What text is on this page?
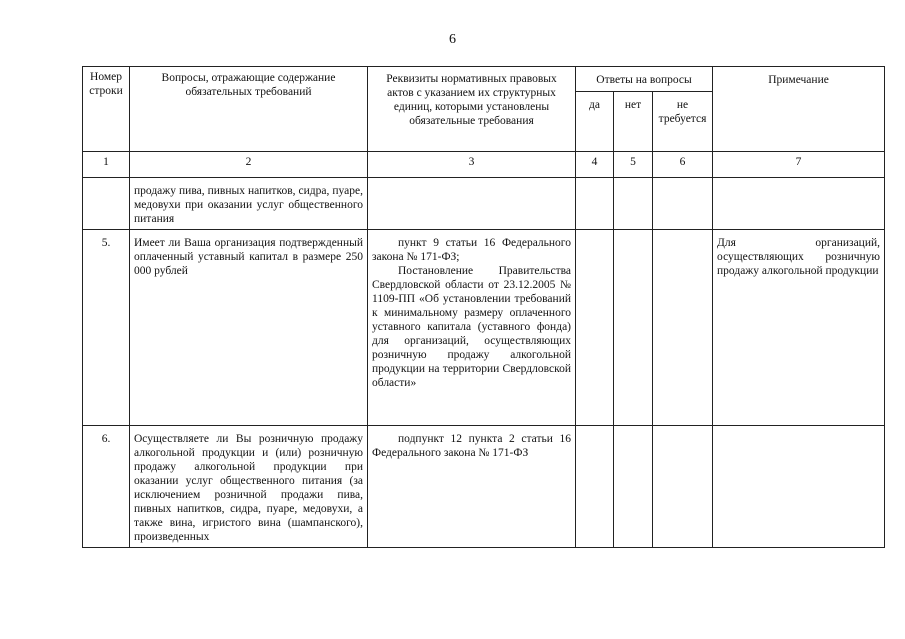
6
Номер строки	Вопросы, отражающие содержание обязательных требований	Реквизиты нормативных правовых актов с указанием их структурных единиц, которыми установлены обязательные требования	Ответы на вопросы			Примечание
			да	нет	не требуется	
1	2	3	4	5	6	7
	продажу пива, пивных напитков, сидра, пуаре, медовухи при оказании услуг общественного питания	

5.	Имеет ли Ваша организация подтвержденный оплаченный уставный капитал в размере 250 000 рублей	пункт 9 статьи 16 Федерального закона № 171-ФЗ;
Постановление Правительства Свердловской области от 23.12.2005 № 1109-ПП «Об установлении требований к минимальному размеру оплаченного уставного капитала (уставного фонда) для организаций, осуществляющих розничную продажу алкогольной продукции на территории Свердловской области»				Для организаций, осуществляющих розничную продажу алкогольной продукции
6.	Осуществляете ли Вы розничную продажу алкогольной продукции и (или) розничную продажу алкогольной продукции при оказании услуг общественного питания (за исключением розничной продажи пива, пивных напитков, сидра, пуаре, медовухи, а также вина, игристого вина (шампанского), произведенных	подпункт 12 пункта 2 статьи 16 Федерального закона № 171-ФЗ				
